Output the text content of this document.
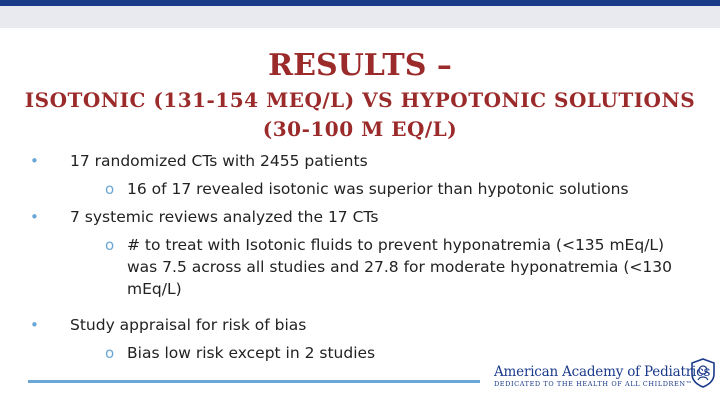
RESULTS –
ISOTONIC (131-154 MEQ/L) VS HYPOTONIC SOLUTIONS
(30-100 M EQ/L)
• 17 randomized CTs with 2455 patients
o 16 of 17 revealed isotonic was superior than hypotonic solutions
• 7 systemic reviews analyzed the 17 CTs
o # to treat with Isotonic fluids to prevent hyponatremia (<135 mEq/L) was 7.5 across all studies and 27.8 for moderate hyponatremia (<130 mEq/L)
• Study appraisal for risk of bias
o Bias low risk except in 2 studies
American Academy of Pediatrics
DEDICATED TO THE HEALTH OF ALL CHILDREN™
